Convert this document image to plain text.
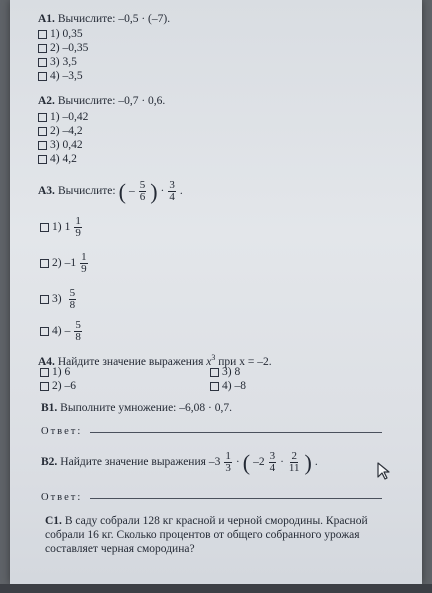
А1. Вычислите: –0,5 · (–7).
1) 0,35
2) –0,35
3) 3,5
4) –3,5
А2. Вычислите: –0,7 · 0,6.
1) –0,42
2) –4,2
3) 0,42
4) 4,2
А3. Вычислите: ( – $\frac{5}{6}$ ) · $\frac{3}{4}$ .
1) $1 \frac{1}{9}$
2) $-1 \frac{1}{9}$
$3) \frac{5}{8}$
$4) - \frac{5}{8}$
А4. Найдите значение выражения $x^3$ при x = –2.
1) 6
2) –6
3) 8
4) –8
В1. Выполните умножение: –6,08 · 0,7.
Ответ:
В2. Найдите значение выражения $-3 \frac{1}{3}$ · ( $-2 \frac{3}{4} \cdot \frac{2}{11}$ ) .
Ответ:
С1. В саду собрали 128 кг красной и черной смородины. Красной собрали 16 кг. Сколько процентов от общего собранного урожая составляет черная смородина?
